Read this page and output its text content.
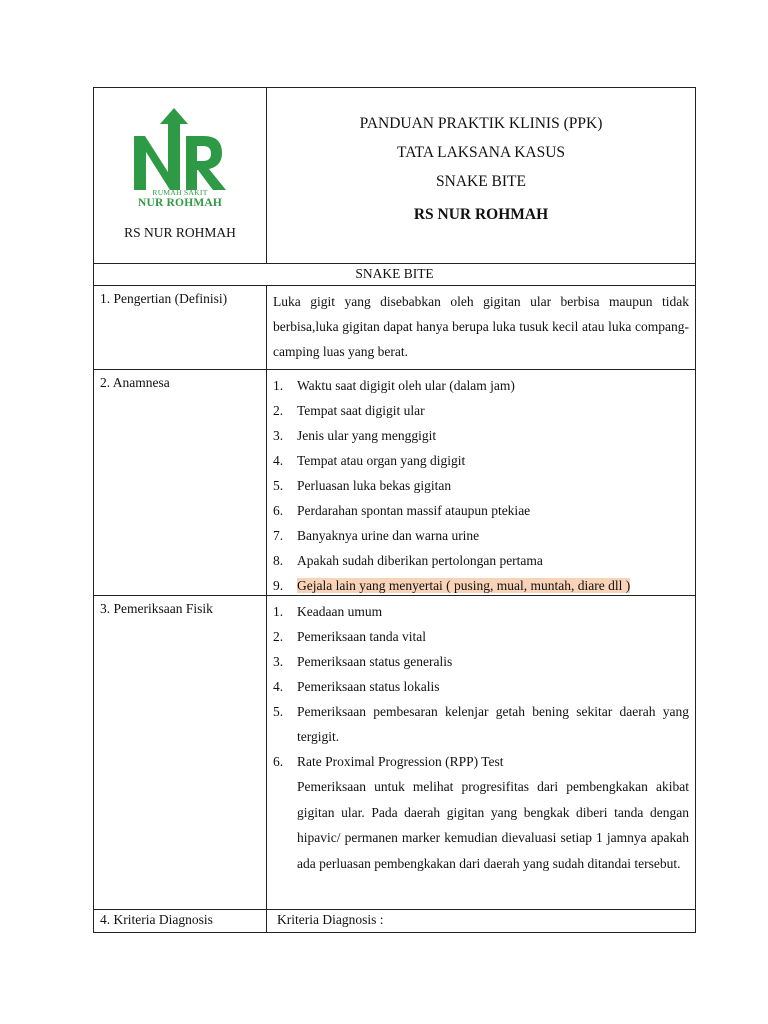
RUMAH SAKIT
NUR ROHMAH
RS NUR ROHMAH
PANDUAN PRAKTIK KLINIS (PPK)
TATA LAKSANA KASUS
SNAKE BITE
RS NUR ROHMAH
SNAKE BITE
1. Pengertian (Definisi)	Luka gigit yang disebabkan oleh gigitan ular berbisa maupun tidak berbisa,luka gigitan dapat hanya berupa luka tusuk kecil atau luka compang-camping luas yang berat.
2. Anamnesa	1.	Waktu saat digigit oleh ular (dalam jam)
2.	Tempat saat digigit ular
3.	Jenis ular yang menggigit
4.	Tempat atau organ yang digigit
5.	Perluasan luka bekas gigitan
6.	Perdarahan spontan massif ataupun ptekiae
7.	Banyaknya urine dan warna urine
8.	Apakah sudah diberikan pertolongan pertama
9.	Gejala lain yang menyertai ( pusing, mual, muntah, diare dll )
3. Pemeriksaan Fisik	1.	Keadaan umum
2.	Pemeriksaan tanda vital
3.	Pemeriksaan status generalis
4.	Pemeriksaan status lokalis
5.	Pemeriksaan pembesaran kelenjar getah bening sekitar daerah yang tergigit.
6.	Rate Proximal Progression (RPP) Test
Pemeriksaan untuk melihat progresifitas dari pembengkakan akibat gigitan ular. Pada daerah gigitan yang bengkak diberi tanda dengan hipavic/ permanen marker kemudian dievaluasi setiap 1 jamnya apakah ada perluasan pembengkakan dari daerah yang sudah ditandai tersebut.
4. Kriteria Diagnosis	Kriteria Diagnosis :
